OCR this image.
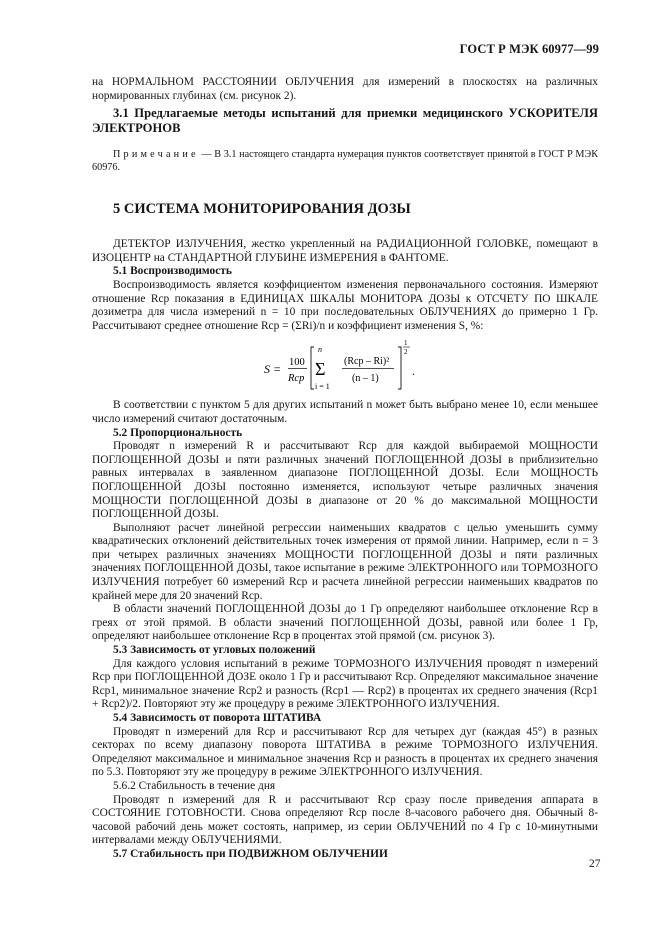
ГОСТ Р МЭК 60977—99

на НОРМАЛЬНОМ РАССТОЯНИИ ОБЛУЧЕНИЯ для измерений в плоскостях на различных нормированных глубинах (см. рисунок 2).

3.1 Предлагаемые методы испытаний для приемки медицинского УСКОРИТЕЛЯ ЭЛЕКТРОНОВ

Примечание — В 3.1 настоящего стандарта нумерация пунктов соответствует принятой в ГОСТ Р МЭК 60976.

5 СИСТЕМА МОНИТОРИРОВАНИЯ ДОЗЫ

ДЕТЕКТОР ИЗЛУЧЕНИЯ, жестко укрепленный на РАДИАЦИОННОЙ ГОЛОВКЕ, помещают в ИЗОЦЕНТР на СТАНДАРТНОЙ ГЛУБИНЕ ИЗМЕРЕНИЯ в ФАНТОМЕ.

5.1 Воспроизводимость

Воспроизводимость является коэффициентом изменения первоначального состояния. Измеряют отношение Rср показания в ЕДИНИЦАХ ШКАЛЫ МОНИТОРА ДОЗЫ к ОТСЧЕТУ ПО ШКАЛЕ дозиметра для числа измерений n = 10 при последовательных ОБЛУЧЕНИЯХ до примерно 1 Гр. Рассчитывают среднее отношение Rср = (ΣRi)/n и коэффициент изменения S, %:

S = 100
Rср
n
Σ
i = 1
(Rср – Ri)²
(n – 1)
1
2
.

В соответствии с пунктом 5 для других испытаний n может быть выбрано менее 10, если меньшее число измерений считают достаточным.

5.2 Пропорциональность

Проводят n измерений R и рассчитывают Rср для каждой выбираемой МОЩНОСТИ ПОГЛОЩЕННОЙ ДОЗЫ и пяти различных значений ПОГЛОЩЕННОЙ ДОЗЫ в приблизительно равных интервалах в заявленном диапазоне ПОГЛОЩЕННОЙ ДОЗЫ. Если МОЩНОСТЬ ПОГЛОЩЕННОЙ ДОЗЫ постоянно изменяется, используют четыре различных значения МОЩНОСТИ ПОГЛОЩЕННОЙ ДОЗЫ в диапазоне от 20 % до максимальной МОЩНОСТИ ПОГЛОЩЕННОЙ ДОЗЫ.

Выполняют расчет линейной регрессии наименьших квадратов с целью уменьшить сумму квадратических отклонений действительных точек измерения от прямой линии. Например, если n = 3 при четырех различных значениях МОЩНОСТИ ПОГЛОЩЕННОЙ ДОЗЫ и пяти различных значениях ПОГЛОЩЕННОЙ ДОЗЫ, такое испытание в режиме ЭЛЕКТРОННОГО или ТОРМОЗНОГО ИЗЛУЧЕНИЯ потребует 60 измерений Rср и расчета линейной регрессии наименьших квадратов по крайней мере для 20 значений Rср.

В области значений ПОГЛОЩЕННОЙ ДОЗЫ до 1 Гр определяют наибольшее отклонение Rср в греях от этой прямой. В области значений ПОГЛОЩЕННОЙ ДОЗЫ, равной или более 1 Гр, определяют наибольшее отклонение Rср в процентах этой прямой (см. рисунок 3).

5.3 Зависимость от угловых положений

Для каждого условия испытаний в режиме ТОРМОЗНОГО ИЗЛУЧЕНИЯ проводят n измерений Rср при ПОГЛОЩЕННОЙ ДОЗЕ около 1 Гр и рассчитывают Rср. Определяют максимальное значение Rср1, минимальное значение Rср2 и разность (Rср1 — Rср2) в процентах их среднего значения (Rср1 + Rср2)/2. Повторяют эту же процедуру в режиме ЭЛЕКТРОННОГО ИЗЛУЧЕНИЯ.

5.4 Зависимость от поворота ШТАТИВА

Проводят n измерений для Rср и рассчитывают Rср для четырех дуг (каждая 45°) в разных секторах по всему диапазону поворота ШТАТИВА в режиме ТОРМОЗНОГО ИЗЛУЧЕНИЯ. Определяют максимальное и минимальное значения Rср и разность в процентах их среднего значения по 5.3. Повторяют эту же процедуру в режиме ЭЛЕКТРОННОГО ИЗЛУЧЕНИЯ.

5.6.2 Стабильность в течение дня

Проводят n измерений для R и рассчитывают Rср сразу после приведения аппарата в СОСТОЯНИЕ ГОТОВНОСТИ. Снова определяют Rср после 8-часового рабочего дня. Обычный 8-часовой рабочий день может состоять, например, из серии ОБЛУЧЕНИЙ по 4 Гр с 10-минутными интервалами между ОБЛУЧЕНИЯМИ.

5.7 Стабильность при ПОДВИЖНОМ ОБЛУЧЕНИИ

27
